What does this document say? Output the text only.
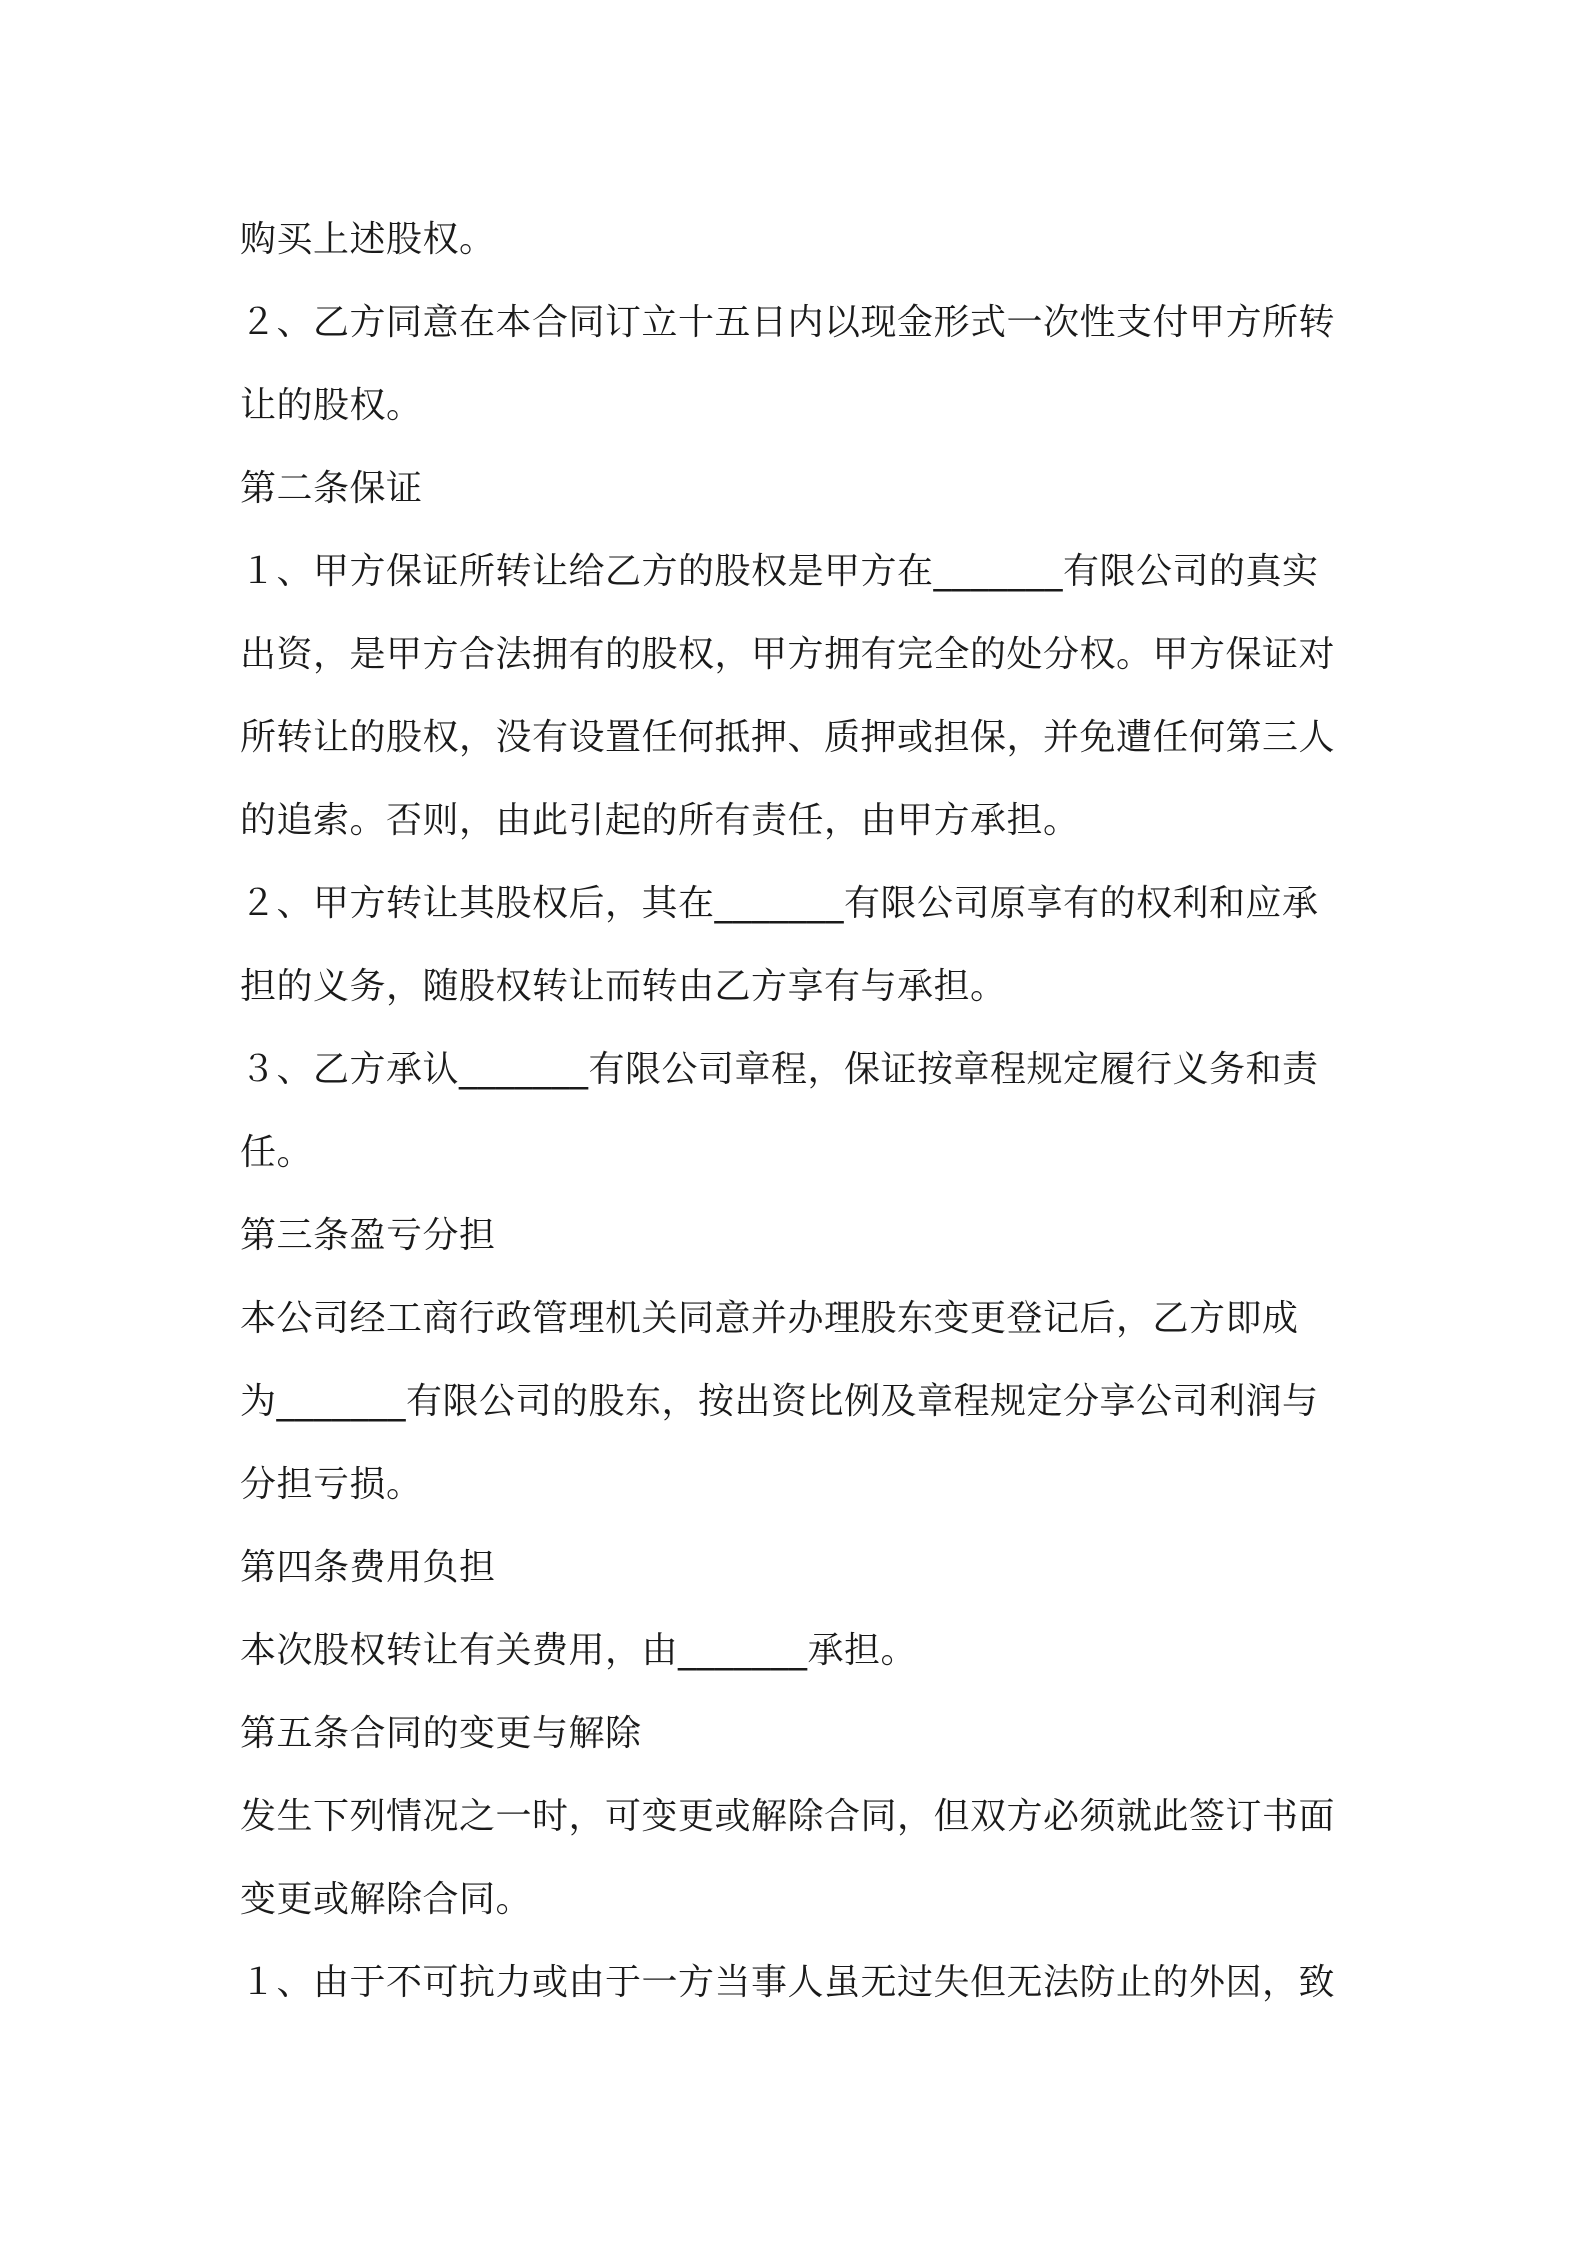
购买上述股权。
２、乙方同意在本合同订立十五日内以现金形式一次性支付甲方所转
让的股权。
第二条保证
１、甲方保证所转让给乙方的股权是甲方在_______有限公司的真实
出资，是甲方合法拥有的股权，甲方拥有完全的处分权。甲方保证对
所转让的股权，没有设置任何抵押、质押或担保，并免遭任何第三人
的追索。否则，由此引起的所有责任，由甲方承担。
２、甲方转让其股权后，其在_______有限公司原享有的权利和应承
担的义务，随股权转让而转由乙方享有与承担。
３、乙方承认_______有限公司章程，保证按章程规定履行义务和责
任。
第三条盈亏分担
本公司经工商行政管理机关同意并办理股东变更登记后，乙方即成
为_______有限公司的股东，按出资比例及章程规定分享公司利润与
分担亏损。
第四条费用负担
本次股权转让有关费用，由_______承担。
第五条合同的变更与解除
发生下列情况之一时，可变更或解除合同，但双方必须就此签订书面
变更或解除合同。
１、由于不可抗力或由于一方当事人虽无过失但无法防止的外因，致
